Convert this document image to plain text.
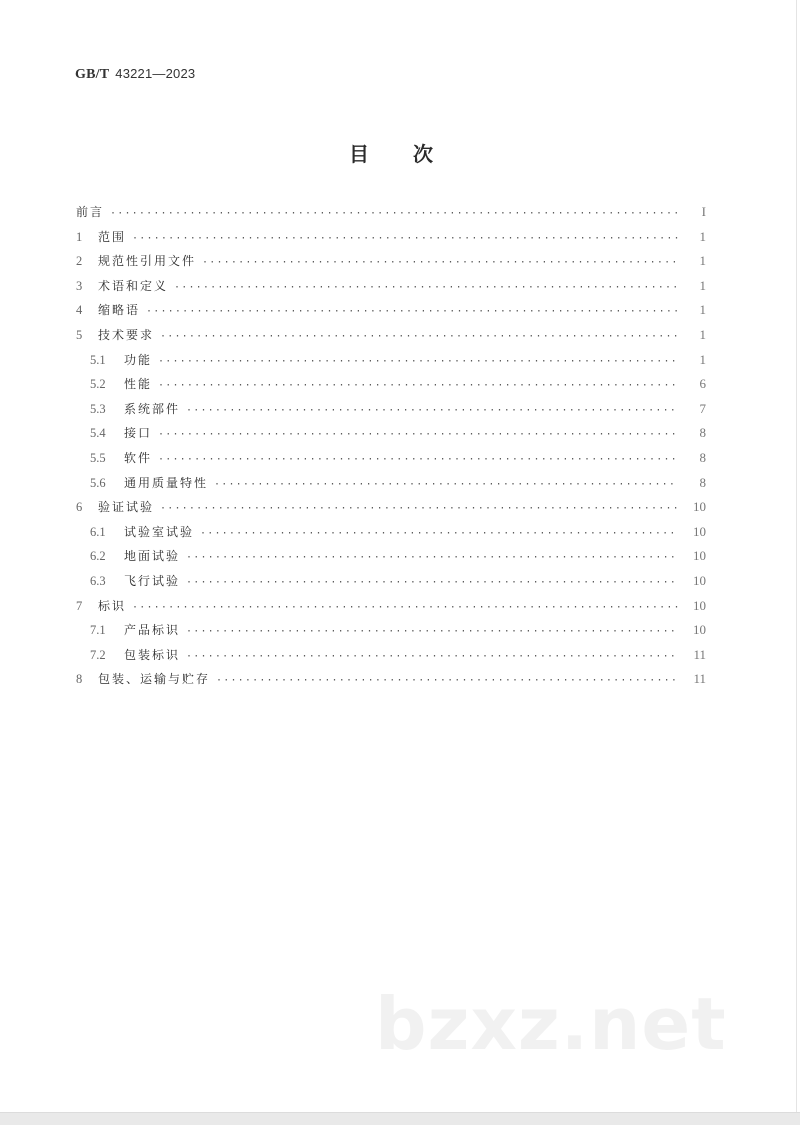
GB/T 43221—2023
目 次
前言 ·····	I
1	范围 ·····	1
2	规范性引用文件 ·····	1
3	术语和定义 ·····	1
4	缩略语 ·····	1
5	技术要求 ·····	1
5.1	功能 ·····	1
5.2	性能 ·····	6
5.3	系统部件 ·····	7
5.4	接口 ·····	8
5.5	软件 ·····	8
5.6	通用质量特性 ·····	8
6	验证试验 ·····	10
6.1	试验室试验 ·····	10
6.2	地面试验 ·····	10
6.3	飞行试验 ·····	10
7	标识 ·····	10
7.1	产品标识 ·····	10
7.2	包装标识 ·····	11
8	包装、运输与贮存 ·····	11
bzxz.net
